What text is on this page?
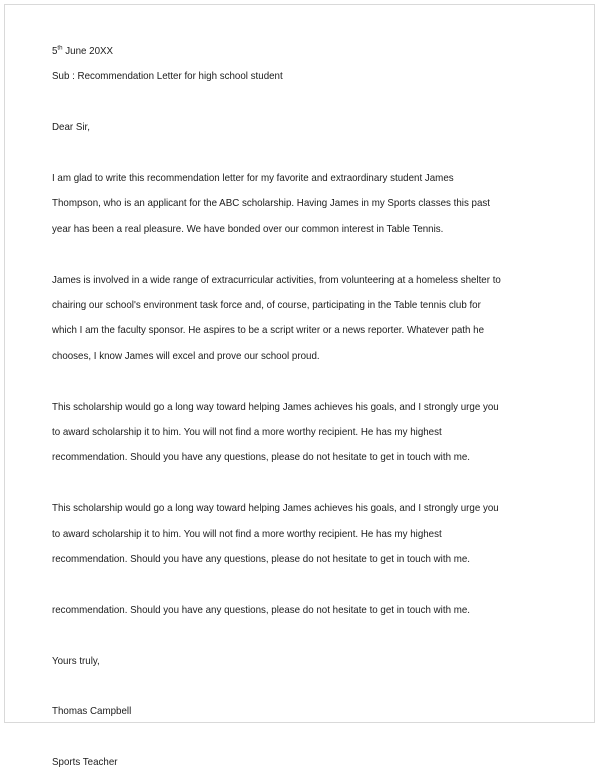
5th June 20XX

Sub : Recommendation Letter for high school student

Dear Sir,

I am glad to write this recommendation letter for my favorite and extraordinary student James
Thompson, who is an applicant for the ABC scholarship. Having James in my Sports classes this past
year has been a real pleasure. We have bonded over our common interest in Table Tennis.

James is involved in a wide range of extracurricular activities, from volunteering at a homeless shelter to
chairing our school's environment task force and, of course, participating in the Table tennis club for
which I am the faculty sponsor. He aspires to be a script writer or a news reporter. Whatever path he
chooses, I know James will excel and prove our school proud.

This scholarship would go a long way toward helping James achieves his goals, and I strongly urge you
to award scholarship it to him. You will not find a more worthy recipient. He has my highest
recommendation. Should you have any questions, please do not hesitate to get in touch with me.

This scholarship would go a long way toward helping James achieves his goals, and I strongly urge you
to award scholarship it to him. You will not find a more worthy recipient. He has my highest
recommendation. Should you have any questions, please do not hesitate to get in touch with me.

recommendation. Should you have any questions, please do not hesitate to get in touch with me.

Yours truly,

Thomas Campbell

Sports Teacher
